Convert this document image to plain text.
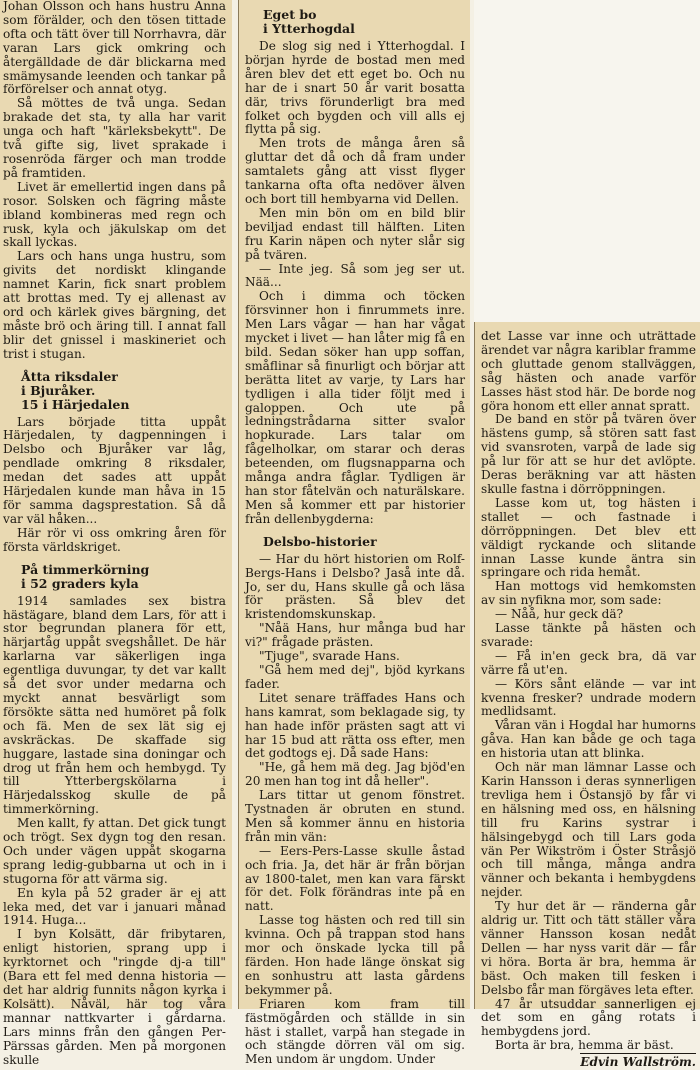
Johan Olsson och hans hustru Anna som förälder, och den tösen tittade ofta och tätt över till Norrhavra, där varan Lars gick omkring och återgälldade de där blickarna med smämysande leenden och tankar på förförelser och annat otyg.

Så möttes de två unga. Sedan brakade det sta, ty alla har varit unga och haft "kärleksbekytt". De två gifte sig, livet sprakade i rosenröda färger och man trodde på framtiden.

Livet är emellertid ingen dans på rosor. Solsken och fägring måste ibland kombineras med regn och rusk, kyla och jäkulskap om det skall lyckas.

Lars och hans unga hustru, som givits det nordiskt klingande namnet Karin, fick snart problem att brottas med. Ty ej allenast av ord och kärlek gives bärgning, det måste brö och äring till. I annat fall blir det gnissel i maskineriet och trist i stugan.

Åtta riksdaler
i Bjuråker.
15 i Härjedalen

Lars började titta uppåt Härjedalen, ty dagpenningen i Delsbo och Bjuråker var låg, pendlade omkring 8 riksdaler, medan det sades att uppåt Härjedalen kunde man håva in 15 för samma dagsprestation. Så då var väl håken...

Här rör vi oss omkring åren för första världskriget.

På timmerkörning
i 52 graders kyla

1914 samlades sex bistra hästägare, bland dem Lars, för att i stor begrundan planera för ett, härjartåg uppåt svegshållet. De här karlarna var säkerligen inga egentliga duvungar, ty det var kallt så det svor under medarna och myckt annat besvärligt som försökte sätta ned humöret på folk och fä. Men de sex lät sig ej avskräckas. De skaffade sig huggare, lastade sina doningar och drog ut från hem och hembygd. Ty till Ytterbergskölarna i Härjedalsskog skulle de på timmerkörning.

Men kallt, fy attan. Det gick tungt och trögt. Sex dygn tog den resan. Och under vägen uppåt skogarna sprang ledig-gubbarna ut och in i stugorna för att värma sig.

En kyla på 52 grader är ej att leka med, det var i januari månad 1914. Huga...

I byn Kolsätt, där fribytaren, enligt historien, sprang upp i kyrktornet och "ringde dj-a till" (Bara ett fel med denna historia — det har aldrig funnits någon kyrka i Kolsätt). Nåväl, här tog våra mannar nattkvarter i gårdarna. Lars minns från den gången Per-Pärssas gården. Men på morgonen skulle

Eget bo
i Ytterhogdal

De slog sig ned i Ytterhogdal. I början hyrde de bostad men med åren blev det ett eget bo. Och nu har de i snart 50 år varit bosatta där, trivs förunderligt bra med folket och bygden och vill alls ej flytta på sig.

Men trots de många åren så gluttar det då och då fram under samtalets gång att visst flyger tankarna ofta ofta nedöver älven och bort till hembyarna vid Dellen.

Men min bön om en bild blir beviljad endast till hälften. Liten fru Karin näpen och nyter slår sig på tvären.

— Inte jeg. Så som jeg ser ut. Nää...

Och i dimma och töcken försvinner hon i finrummets inre. Men Lars vågar — han har vågat mycket i livet — han låter mig få en bild. Sedan söker han upp soffan, småflinar så finurligt och börjar att berätta litet av varje, ty Lars har tydligen i alla tider följt med i galoppen. Och ute på ledningstrådarna sitter svalor hopkurade. Lars talar om fågelholkar, om starar och deras beteenden, om flugsnapparna och många andra fåglar. Tydligen är han stor fåtelvän och naturälskare. Men så kommer ett par historier från dellenbygderna:

Delsbo-historier

— Har du hört historien om Rolf-Bergs-Hans i Delsbo? Jaså inte då. Jo, ser du, Hans skulle gå och läsa för prästen. Så blev det kristendomskunskap.

"Nåä Hans, hur många bud har vi?" frågade prästen.

"Tjuge", svarade Hans.

"Gå hem med dej", bjöd kyrkans fader.

Litet senare träffades Hans och hans kamrat, som beklagade sig, ty han hade inför prästen sagt att vi har 15 bud att rätta oss efter, men det godtogs ej. Då sade Hans:

"He, gå hem mä deg. Jag bjöd'en 20 men han tog int då heller".

Lars tittar ut genom fönstret. Tystnaden är obruten en stund. Men så kommer ännu en historia från min vän:

— Eers-Pers-Lasse skulle åstad och fria. Ja, det här är från början av 1800-talet, men kan vara färskt för det. Folk förändras inte på en natt.

Lasse tog hästen och red till sin kvinna. Och på trappan stod hans mor och önskade lycka till på färden. Hon hade länge önskat sig en sonhustru att lasta gårdens bekymmer på.

Friaren kom fram till fästmögården och ställde in sin häst i stallet, varpå han stegade in och stängde dörren väl om sig. Men undom är ungdom. Under

det Lasse var inne och uträttade ärendet var några kariblar framme och gluttade genom stallväggen, såg hästen och anade varför Lasses häst stod här. De borde nog göra honom ett eller annat spratt.

De band en stör på tvären över hästens gump, så stören satt fast vid svansroten, varpå de lade sig på lur för att se hur det avlöpte. Deras beräkning var att hästen skulle fastna i dörröppningen.

Lasse kom ut, tog hästen i stallet — och fastnade i dörröppningen. Det blev ett väldigt ryckande och slitande innan Lasse kunde äntra sin springare och rida hemåt.

Han mottogs vid hemkomsten av sin nyfikna mor, som sade:

— Nåå, hur geck dä?

Lasse tänkte på hästen och svarade:

— Få in'en geck bra, dä var värre få ut'en.

— Körs sånt elände — var int kvenna fresker? undrade modern medlidsamt.

Våran vän i Hogdal har humorns gåva. Han kan både ge och taga en historia utan att blinka.

Och när man lämnar Lasse och Karin Hansson i deras synnerligen trevliga hem i Östansjö by får vi en hälsning med oss, en hälsning till fru Karins systrar i hälsingebygd och till Lars goda vän Per Wikström i Öster Stråsjö och till många, många andra vänner och bekanta i hembygdens nejder.

Ty hur det är — ränderna går aldrig ur. Titt och tätt ställer våra vänner Hansson kosan nedåt Dellen — har nyss varit där — får vi höra. Borta är bra, hemma är bäst. Och maken till fesken i Delsbo får man förgäves leta efter.

47 år utsuddar sannerligen ej det som en gång rotats i hembygdens jord.

Borta är bra, hemma är bäst.

Edvin Wallström.
